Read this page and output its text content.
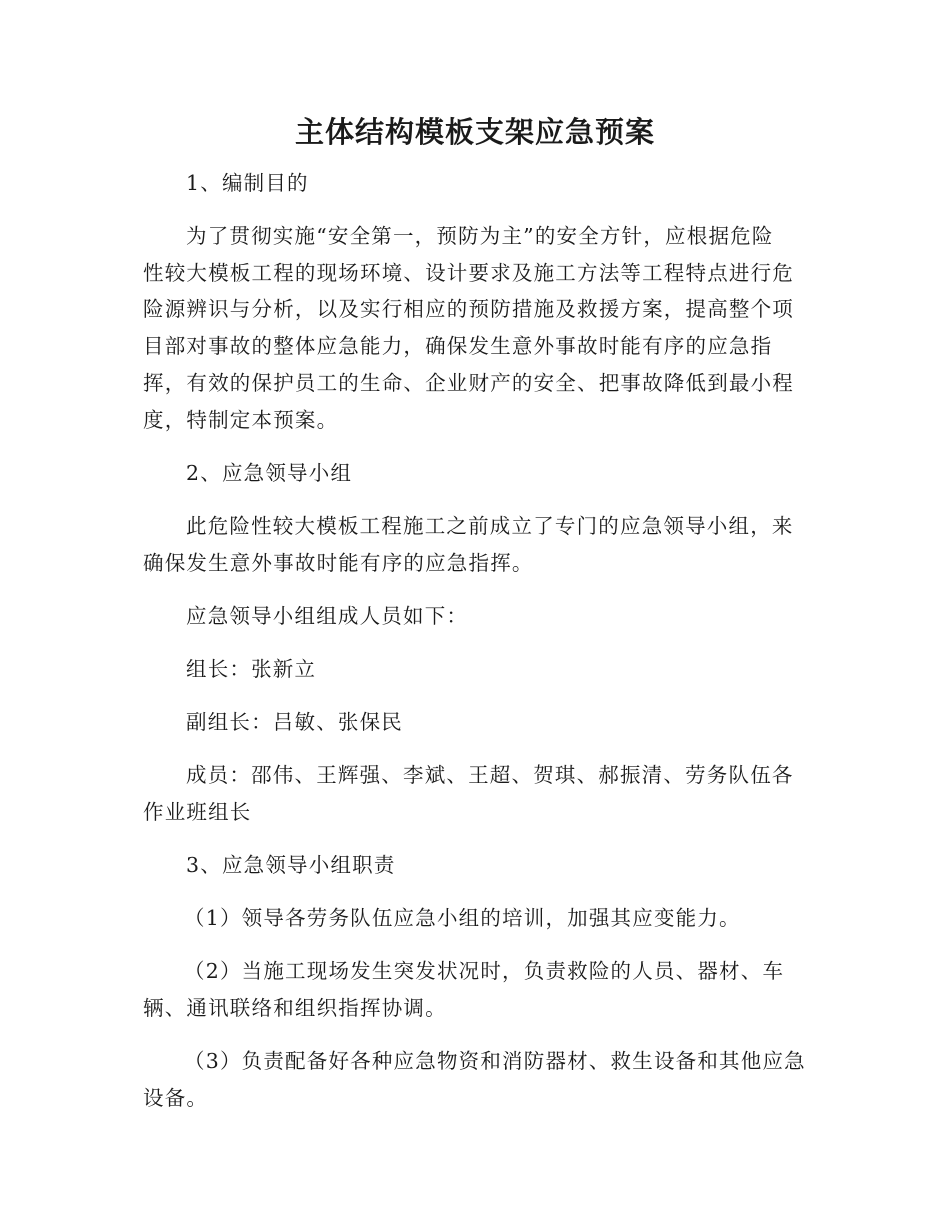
主体结构模板支架应急预案
1、编制目的
为了贯彻实施“安全第一，预防为主”的安全方针，应根据危险
性较大模板工程的现场环境、设计要求及施工方法等工程特点进行危
险源辨识与分析，以及实行相应的预防措施及救援方案，提高整个项
目部对事故的整体应急能力，确保发生意外事故时能有序的应急指
挥，有效的保护员工的生命、企业财产的安全、把事故降低到最小程
度，特制定本预案。
2、应急领导小组
此危险性较大模板工程施工之前成立了专门的应急领导小组，来
确保发生意外事故时能有序的应急指挥。
应急领导小组组成人员如下：
组长：张新立
副组长：吕敏、张保民
成员：邵伟、王辉强、李斌、王超、贺琪、郝振清、劳务队伍各
作业班组长
3、应急领导小组职责
（1）领导各劳务队伍应急小组的培训，加强其应变能力。
（2）当施工现场发生突发状况时，负责救险的人员、器材、车
辆、通讯联络和组织指挥协调。
（3）负责配备好各种应急物资和消防器材、救生设备和其他应急
设备。
